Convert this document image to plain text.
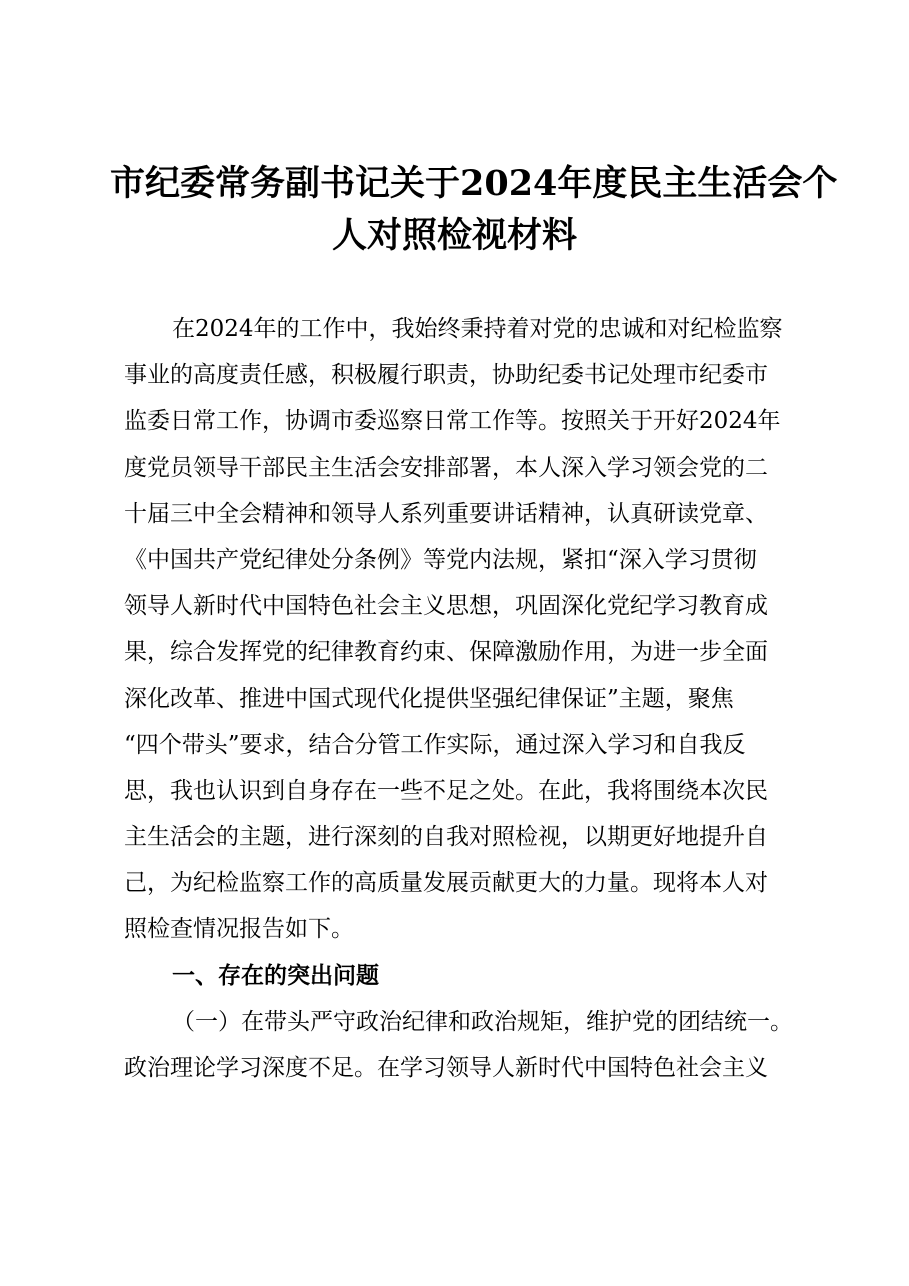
市纪委常务副书记关于2024年度民主生活会个
人对照检视材料
在2024年的工作中，我始终秉持着对党的忠诚和对纪检监察
事业的高度责任感，积极履行职责，协助纪委书记处理市纪委市
监委日常工作，协调市委巡察日常工作等。按照关于开好2024年
度党员领导干部民主生活会安排部署，本人深入学习领会党的二
十届三中全会精神和领导人系列重要讲话精神，认真研读党章、
《中国共产党纪律处分条例》等党内法规，紧扣“深入学习贯彻
领导人新时代中国特色社会主义思想，巩固深化党纪学习教育成
果，综合发挥党的纪律教育约束、保障激励作用，为进一步全面
深化改革、推进中国式现代化提供坚强纪律保证”主题，聚焦
“四个带头”要求，结合分管工作实际，通过深入学习和自我反
思，我也认识到自身存在一些不足之处。在此，我将围绕本次民
主生活会的主题，进行深刻的自我对照检视，以期更好地提升自
己，为纪检监察工作的高质量发展贡献更大的力量。现将本人对
照检查情况报告如下。
一、存在的突出问题
（一）在带头严守政治纪律和政治规矩，维护党的团结统一。
政治理论学习深度不足。在学习领导人新时代中国特色社会主义
